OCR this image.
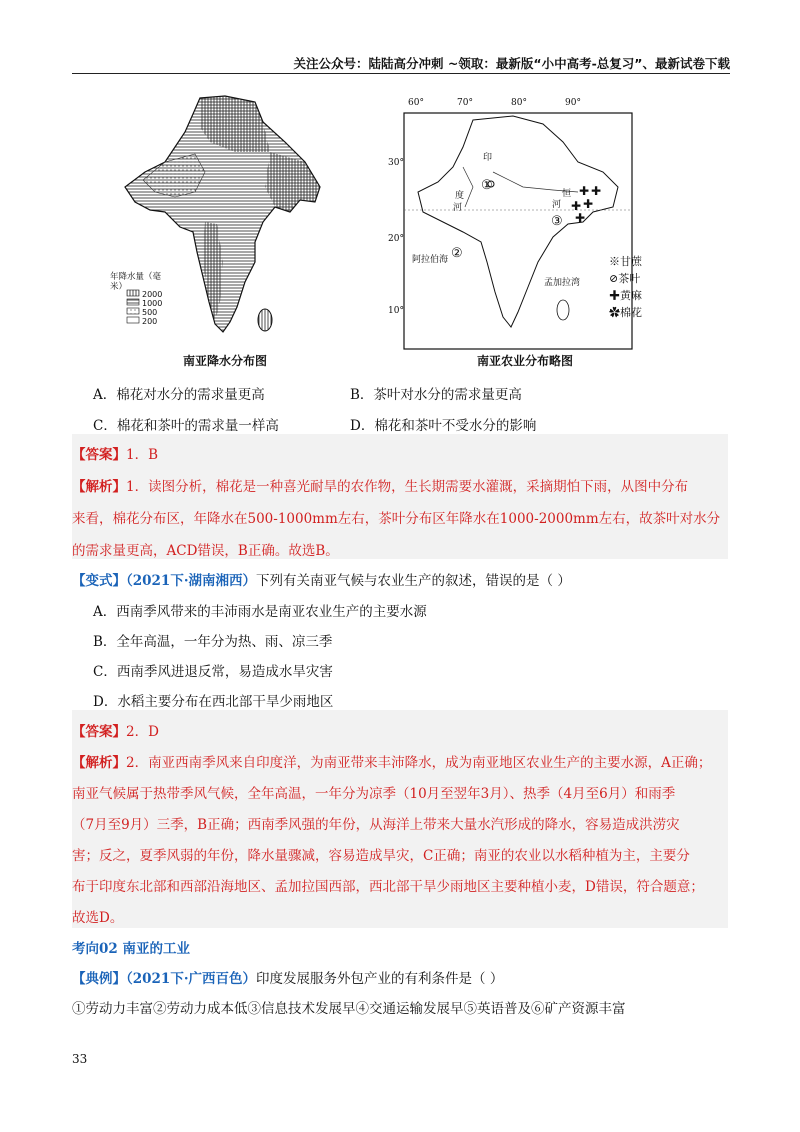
关注公众号：陆陆高分冲刺 ~领取：最新版“小中高考-总复习”、最新试卷下载
年降水量（毫米）
2000
1000
500
200
南亚降水分布图
✚ ✚
✚ ✚
✚
60°	70°	80°	90°
30°
20°
10°
印
度
河
恒
河
阿拉伯海
孟加拉湾
①
②
③
※甘蔗
⊘茶叶
✚黄麻
✿棉花
南亚农业分布略图
A．棉花对水分的需求量更高	B．茶叶对水分的需求量更高
C．棉花和茶叶的需求量一样高	D．棉花和茶叶不受水分的影响
【答案】1．B
【解析】1．读图分析，棉花是一种喜光耐旱的农作物，生长期需要水灌溉，采摘期怕下雨，从图中分布
来看，棉花分布区，年降水在500-1000mm左右，茶叶分布区年降水在1000-2000mm左右，故茶叶对水分
的需求量更高，ACD错误，B正确。故选B。
【变式】（2021下·湖南湘西）下列有关南亚气候与农业生产的叙述，错误的是（ ）
A．西南季风带来的丰沛雨水是南亚农业生产的主要水源
B．全年高温，一年分为热、雨、凉三季
C．西南季风进退反常，易造成水旱灾害
D．水稻主要分布在西北部干旱少雨地区
【答案】2．D
【解析】2．南亚西南季风来自印度洋，为南亚带来丰沛降水，成为南亚地区农业生产的主要水源，A正确；
南亚气候属于热带季风气候，全年高温，一年分为凉季（10月至翌年3月）、热季（4月至6月）和雨季
（7月至9月）三季，B正确；西南季风强的年份，从海洋上带来大量水汽形成的降水，容易造成洪涝灾
害；反之，夏季风弱的年份，降水量骤减，容易造成旱灾，C正确；南亚的农业以水稻种植为主，主要分
布于印度东北部和西部沿海地区、孟加拉国西部，西北部干旱少雨地区主要种植小麦，D错误，符合题意；
故选D。
考向02 南亚的工业
【典例】（2021下·广西百色）印度发展服务外包产业的有利条件是（ ）
①劳动力丰富②劳动力成本低③信息技术发展早④交通运输发展早⑤英语普及⑥矿产资源丰富
33
